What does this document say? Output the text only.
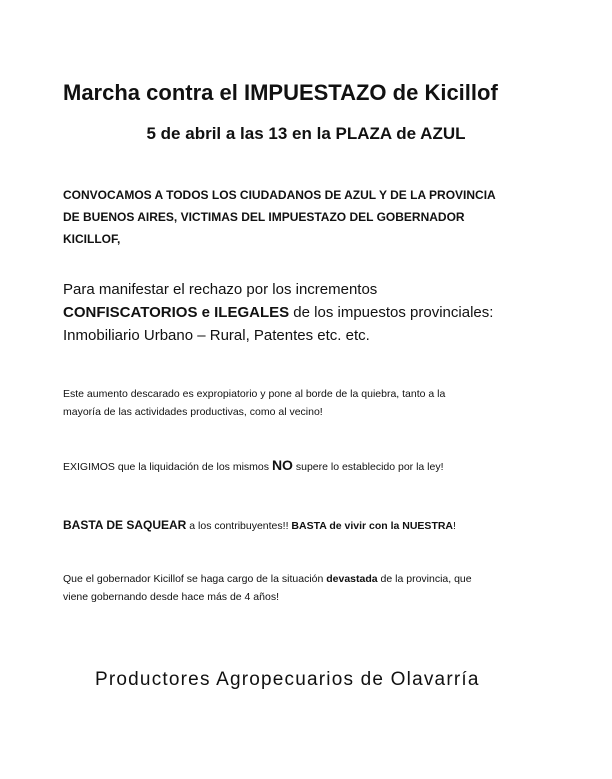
Marcha contra el IMPUESTAZO de Kicillof
5 de abril a las 13 en la PLAZA de AZUL
CONVOCAMOS A TODOS LOS CIUDADANOS DE AZUL Y DE LA PROVINCIA
DE BUENOS AIRES, VICTIMAS DEL IMPUESTAZO DEL GOBERNADOR
KICILLOF,
Para manifestar el rechazo por los incrementos
CONFISCATORIOS e ILEGALES de los impuestos provinciales:
Inmobiliario Urbano – Rural, Patentes etc. etc.
Este aumento descarado es expropiatorio y pone al borde de la quiebra, tanto a la
mayoría de las actividades productivas, como al vecino!
EXIGIMOS que la liquidación de los mismos NO supere lo establecido por la ley!
BASTA DE SAQUEAR a los contribuyentes!! BASTA de vivir con la NUESTRA!
Que el gobernador Kicillof se haga cargo de la situación devastada de la provincia, que
viene gobernando desde hace más de 4 años!
Productores Agropecuarios de Olavarría
